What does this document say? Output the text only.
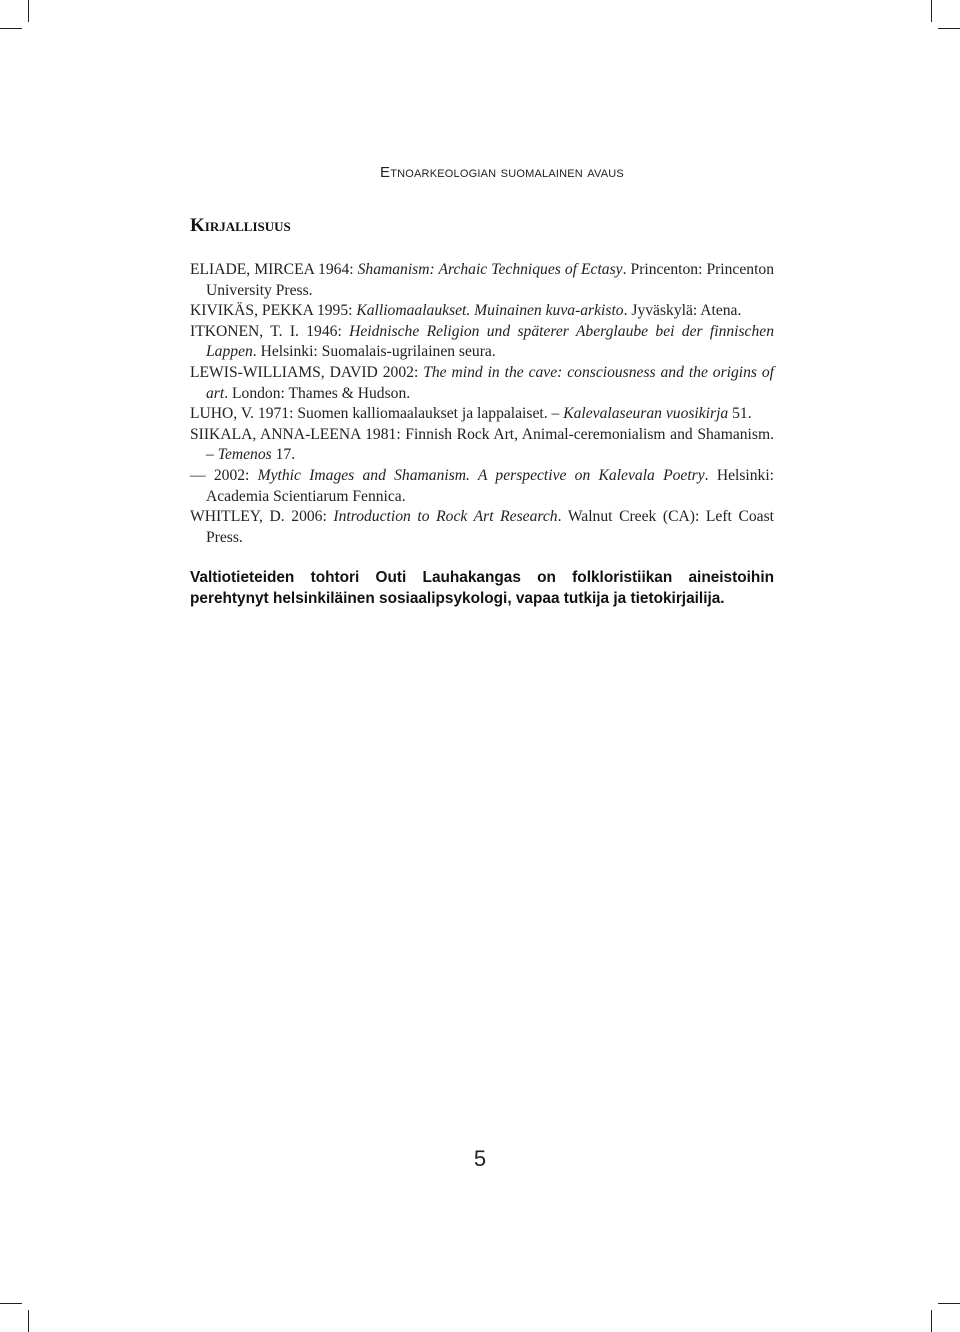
Etnoarkeologian suomalainen avaus
Kirjallisuus
ELIADE, MIRCEA 1964: Shamanism: Archaic Techniques of Ectasy. Princenton: Princenton University Press.
KIVIKÄS, PEKKA 1995: Kalliomaalaukset. Muinainen kuva-arkisto. Jyväskylä: Atena.
ITKONEN, T. I. 1946: Heidnische Religion und späterer Aberglaube bei der finnischen Lappen. Helsinki: Suomalais-ugrilainen seura.
LEWIS-WILLIAMS, DAVID 2002: The mind in the cave: consciousness and the origins of art. London: Thames & Hudson.
LUHO, V. 1971: Suomen kalliomaalaukset ja lappalaiset. – Kalevalaseuran vuosikirja 51.
SIIKALA, ANNA-LEENA 1981: Finnish Rock Art, Animal-ceremonialism and Shamanism. – Temenos 17.
— 2002: Mythic Images and Shamanism. A perspective on Kalevala Poetry. Helsinki: Academia Scientiarum Fennica.
WHITLEY, D. 2006: Introduction to Rock Art Research. Walnut Creek (CA): Left Coast Press.

Valtiotieteiden tohtori Outi Lauhakangas on folkloristiikan aineistoihin perehtynyt helsinkiläinen sosiaalipsykologi, vapaa tutkija ja tietokirjailija.

5
